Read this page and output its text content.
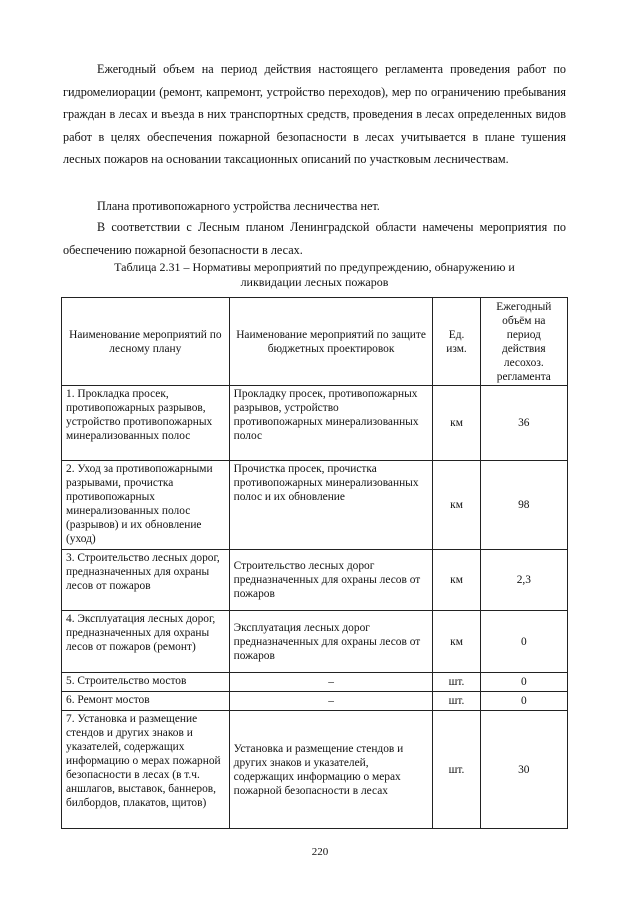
Ежегодный объем на период действия настоящего регламента проведения работ по гидромелиорации (ремонт, капремонт, устройство переходов), мер по ограничению пребывания граждан в лесах и въезда в них транспортных средств, проведения в лесах определенных видов работ в целях обеспечения пожарной безопасности в лесах учитывается в плане тушения лесных пожаров на основании таксационных описаний по участковым лесничествам.

Плана противопожарного устройства лесничества нет.

В соответствии с Лесным планом Ленинградской области намечены мероприятия по обеспечению пожарной безопасности в лесах.

Таблица 2.31 – Нормативы мероприятий по предупреждению, обнаружению и
ликвидации лесных пожаров
Наименование мероприятий по лесному плану	Наименование мероприятий по защите бюджетных проектировок	Ед. изм.	Ежегодный объём на период действия лесохоз. регламента
1. Прокладка просек, противопожарных разрывов, устройство противопожарных минерализованных полос	Прокладку просек, противопожарных разрывов, устройство противопожарных минерализованных полос	км	36
2. Уход за противопожарными разрывами, прочистка противопожарных минерализованных полос (разрывов) и их обновление (уход)	Прочистка просек, прочистка противопожарных минерализованных полос и их обновление	км	98
3. Строительство лесных дорог, предназначенных для охраны лесов от пожаров	Строительство лесных дорог предназначенных для охраны лесов от пожаров	км	2,3
4. Эксплуатация лесных дорог, предназначенных для охраны лесов от пожаров (ремонт)	Эксплуатация лесных дорог предназначенных для охраны лесов от пожаров	км	0
5. Строительство мостов	–	шт.	0
6. Ремонт мостов	–	шт.	0
7. Установка и размещение стендов и других знаков и указателей, содержащих информацию о мерах пожарной безопасности в лесах (в т.ч. аншлагов, выставок, баннеров, билбордов, плакатов, щитов)	Установка и размещение стендов и других знаков и указателей, содержащих информацию о мерах пожарной безопасности в лесах	шт.	30
220
